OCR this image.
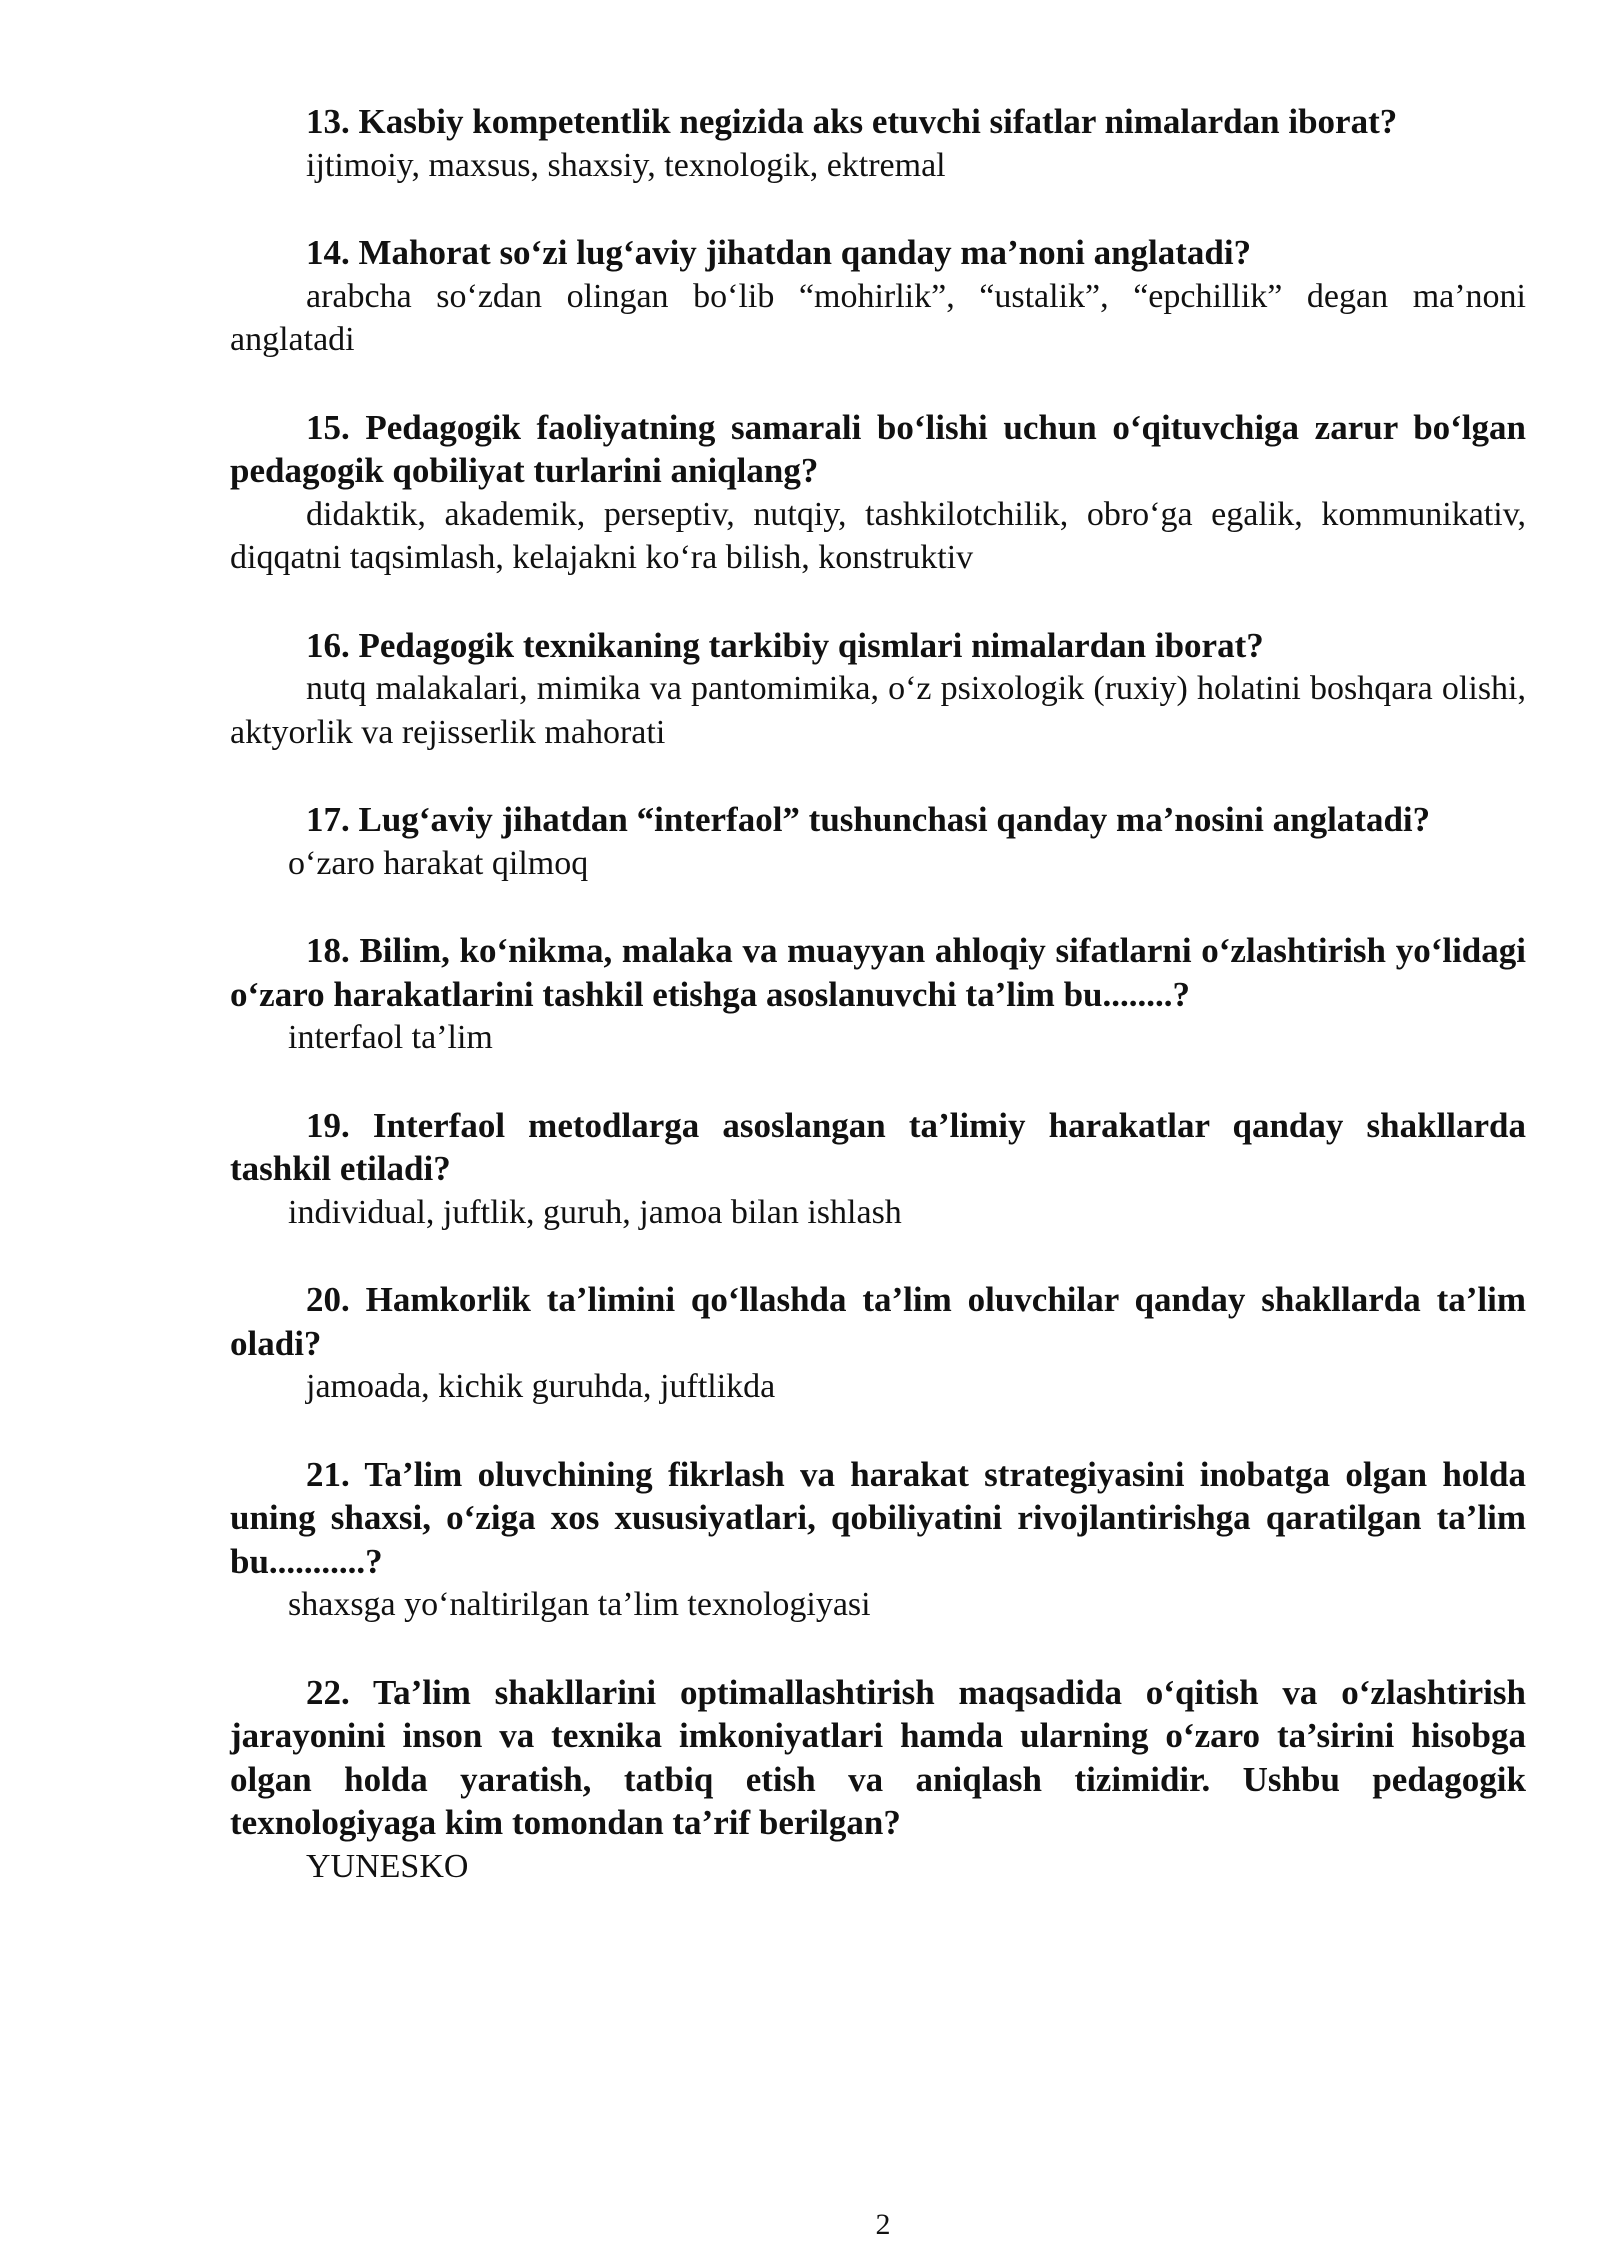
13. Kasbiy kompetentlik negizida aks etuvchi sifatlar nimalardan iborat?

ijtimoiy, maxsus, shaxsiy, texnologik, ektremal

14. Mahorat so‘zi lug‘aviy jihatdan qanday ma’noni anglatadi?

arabcha so‘zdan olingan bo‘lib “mohirlik”, “ustalik”, “epchillik” degan ma’noni anglatadi

15. Pedagogik faoliyatning samarali bo‘lishi uchun o‘qituvchiga zarur bo‘lgan pedagogik qobiliyat turlarini aniqlang?

didaktik, akademik, perseptiv, nutqiy, tashkilotchilik, obro‘ga egalik, kommunikativ, diqqatni taqsimlash, kelajakni ko‘ra bilish, konstruktiv

16. Pedagogik texnikaning tarkibiy qismlari nimalardan iborat?

nutq malakalari, mimika va pantomimika, o‘z psixologik (ruxiy) holatini boshqara olishi, aktyorlik va rejisserlik mahorati

17. Lug‘aviy jihatdan “interfaol” tushunchasi qanday ma’nosini anglatadi?

o‘zaro harakat qilmoq

18. Bilim, ko‘nikma, malaka va muayyan ahloqiy sifatlarni o‘zlashtirish yo‘lidagi o‘zaro harakatlarini tashkil etishga asoslanuvchi ta’lim bu........?

interfaol ta’lim

19. Interfaol metodlarga asoslangan ta’limiy harakatlar qanday shakllarda tashkil etiladi?

individual, juftlik, guruh, jamoa bilan ishlash

20. Hamkorlik ta’limini qo‘llashda ta’lim oluvchilar qanday shakllarda ta’lim oladi?

jamoada, kichik guruhda, juftlikda

21. Ta’lim oluvchining fikrlash va harakat strategiyasini inobatga olgan holda uning shaxsi, o‘ziga xos xususiyatlari, qobiliyatini rivojlantirishga qaratilgan ta’lim bu...........?

shaxsga yo‘naltirilgan ta’lim texnologiyasi

22. Ta’lim shakllarini optimallashtirish maqsadida o‘qitish va o‘zlashtirish jarayonini inson va texnika imkoniyatlari hamda ularning o‘zaro ta’sirini hisobga olgan holda yaratish, tatbiq etish va aniqlash tizimidir. Ushbu pedagogik texnologiyaga kim tomondan ta’rif berilgan?

YUNESKO

2
